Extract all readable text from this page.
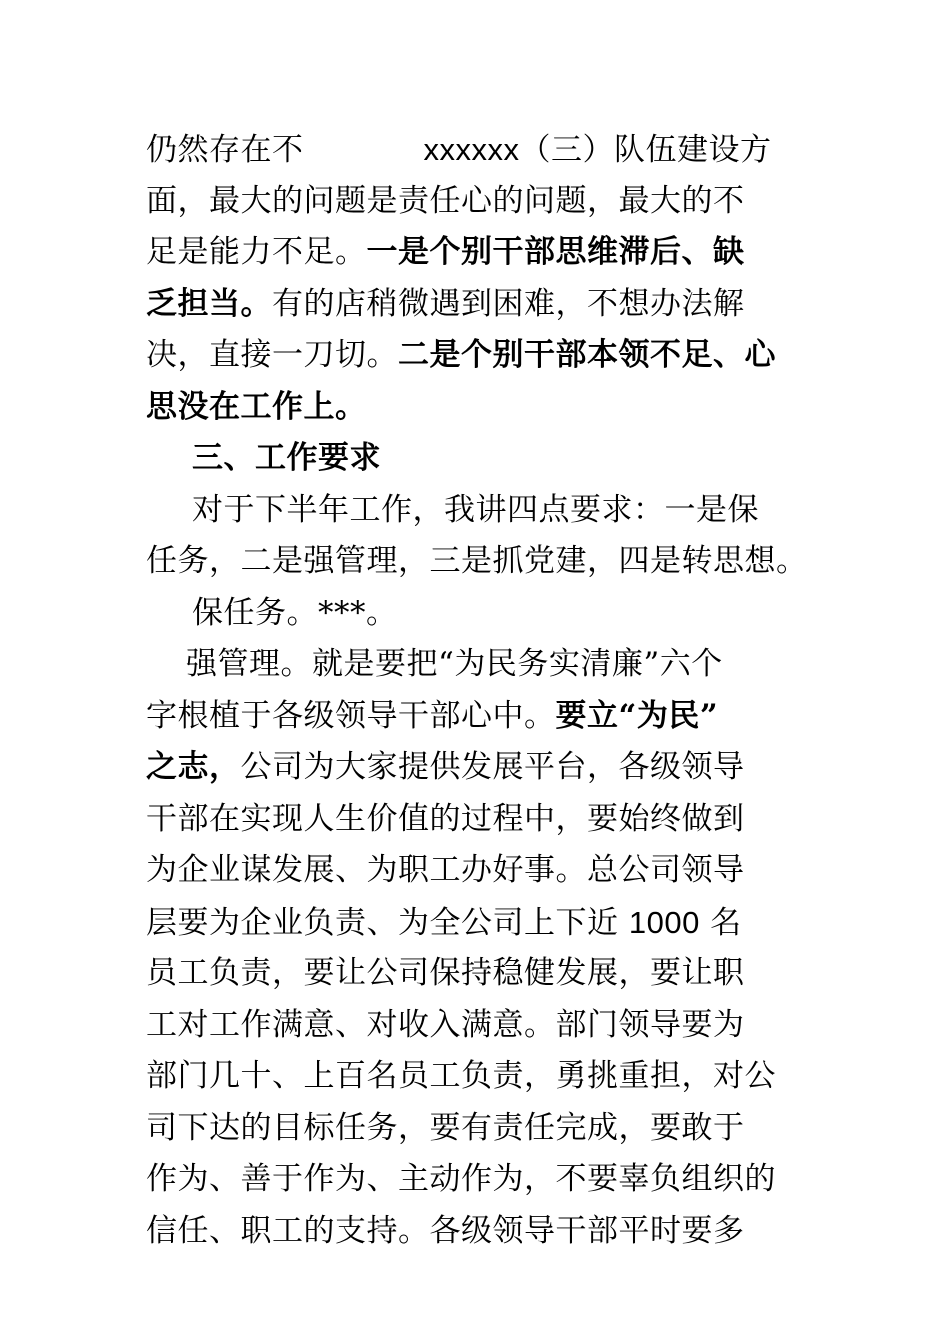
仍然存在不	xxxxxx（三）队伍建设方
面，最大的问题是责任心的问题，最大的不
足是能力不足。一是个别干部思维滞后、缺
乏担当。有的店稍微遇到困难，不想办法解
决，直接一刀切。二是个别干部本领不足、心
思没在工作上。
三、工作要求
对于下半年工作，我讲四点要求：一是保
任务，二是强管理，三是抓党建，四是转思想。
保任务。***。
强管理。就是要把“为民务实清廉”六个
字根植于各级领导干部心中。要立“为民”
之志，公司为大家提供发展平台，各级领导
干部在实现人生价值的过程中，要始终做到
为企业谋发展、为职工办好事。总公司领导
层要为企业负责、为全公司上下近 1000 名
员工负责，要让公司保持稳健发展，要让职
工对工作满意、对收入满意。部门领导要为
部门几十、上百名员工负责，勇挑重担，对公
司下达的目标任务，要有责任完成，要敢于
作为、善于作为、主动作为，不要辜负组织的
信任、职工的支持。各级领导干部平时要多
